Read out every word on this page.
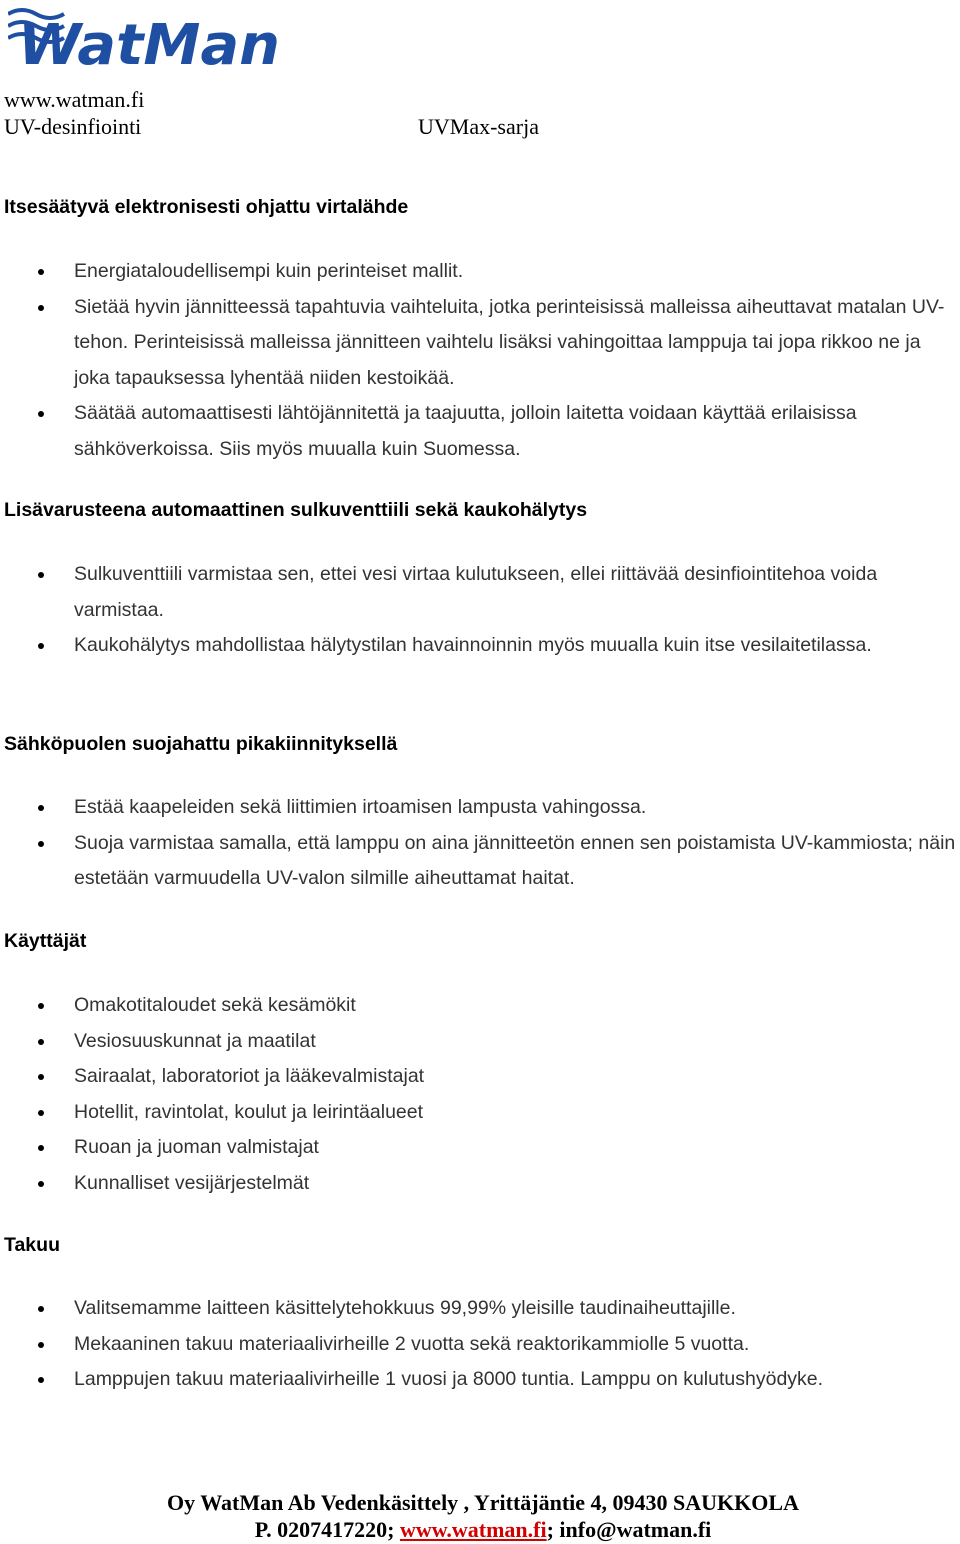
WatMan
www.watman.fi
UV-desinfiointi	UVMax-sarja
Itsesäätyvä elektronisesti ohjattu virtalähde
Energiataloudellisempi kuin perinteiset mallit.
Sietää hyvin jännitteessä tapahtuvia vaihteluita, jotka perinteisissä malleissa aiheuttavat matalan UV-tehon. Perinteisissä malleissa jännitteen vaihtelu lisäksi vahingoittaa lamppuja tai jopa rikkoo ne ja joka tapauksessa lyhentää niiden kestoikää.
Säätää automaattisesti lähtöjännitettä ja taajuutta, jolloin laitetta voidaan käyttää erilaisissa sähköverkoissa. Siis myös muualla kuin Suomessa.
Lisävarusteena automaattinen sulkuventtiili sekä kaukohälytys
Sulkuventtiili varmistaa sen, ettei vesi virtaa kulutukseen, ellei riittävää desinfiointitehoa voida varmistaa.
Kaukohälytys mahdollistaa hälytystilan havainnoinnin myös muualla kuin itse vesilaitetilassa.
Sähköpuolen suojahattu pikakiinnityksellä
Estää kaapeleiden sekä liittimien irtoamisen lampusta vahingossa.
Suoja varmistaa samalla, että lamppu on aina jännitteetön ennen sen poistamista UV-kammiosta; näin estetään varmuudella UV-valon silmille aiheuttamat haitat.
Käyttäjät
Omakotitaloudet sekä kesämökit
Vesiosuuskunnat ja maatilat
Sairaalat, laboratoriot ja lääkevalmistajat
Hotellit, ravintolat, koulut ja leirintäalueet
Ruoan ja juoman valmistajat
Kunnalliset vesijärjestelmät
Takuu
Valitsemamme laitteen käsittelytehokkuus 99,99% yleisille taudinaiheuttajille.
Mekaaninen takuu materiaalivirheille 2 vuotta sekä reaktorikammiolle 5 vuotta.
Lamppujen takuu materiaalivirheille 1 vuosi ja 8000 tuntia. Lamppu on kulutushyödyke.
Oy WatMan Ab Vedenkäsittely , Yrittäjäntie 4, 09430 SAUKKOLA
P. 0207417220; www.watman.fi; info@watman.fi
